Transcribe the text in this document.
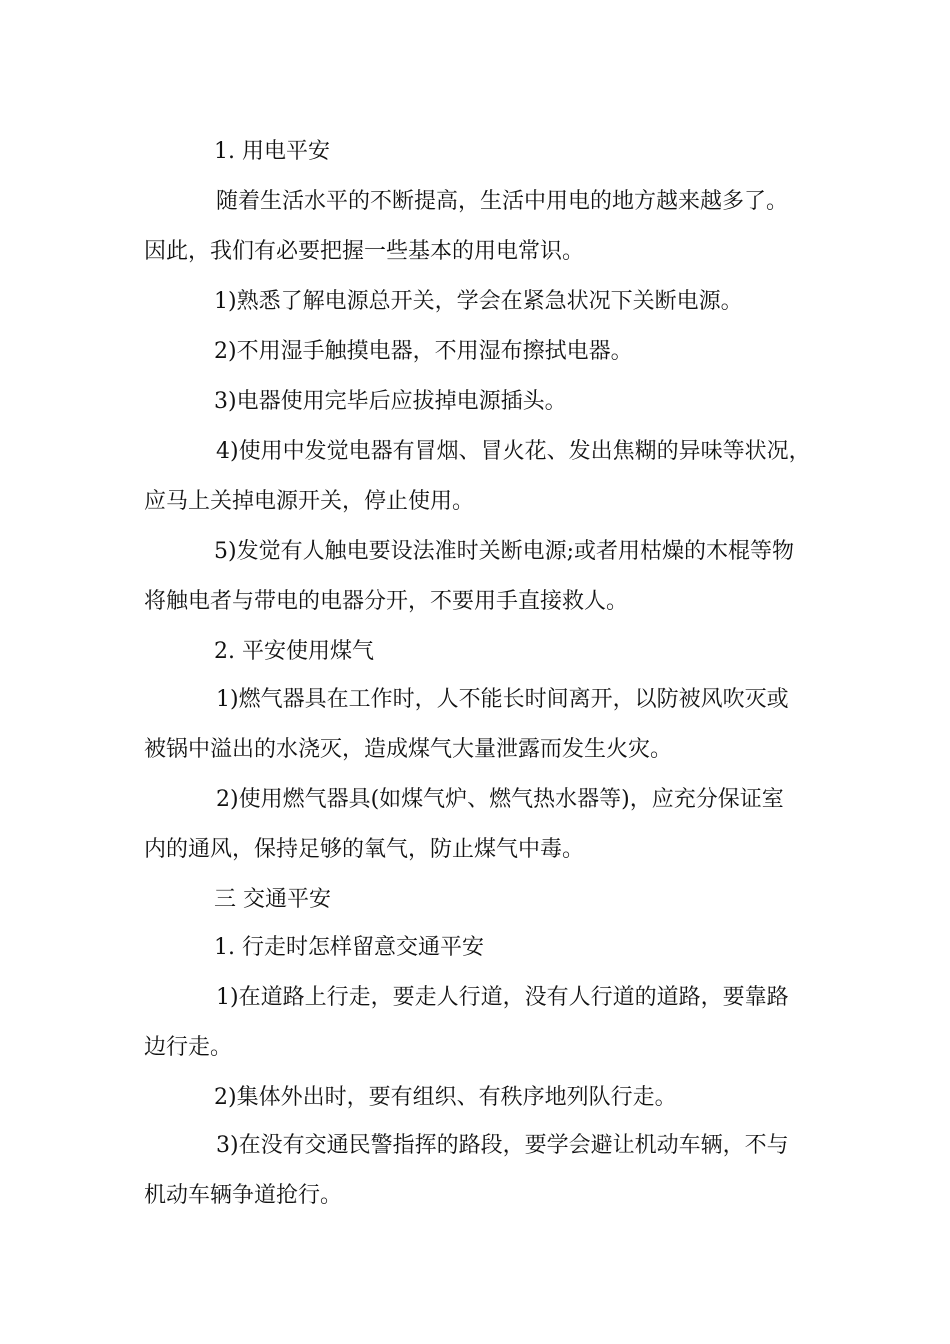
1. 用电平安
随着生活水平的不断提高，生活中用电的地方越来越多了。
因此，我们有必要把握一些基本的用电常识。
1)熟悉了解电源总开关，学会在紧急状况下关断电源。
2)不用湿手触摸电器，不用湿布擦拭电器。
3)电器使用完毕后应拔掉电源插头。
4)使用中发觉电器有冒烟、冒火花、发出焦糊的异味等状况，
应马上关掉电源开关，停止使用。
5)发觉有人触电要设法准时关断电源;或者用枯燥的木棍等物
将触电者与带电的电器分开，不要用手直接救人。
2. 平安使用煤气
1)燃气器具在工作时，人不能长时间离开，以防被风吹灭或
被锅中溢出的水浇灭，造成煤气大量泄露而发生火灾。
2)使用燃气器具(如煤气炉、燃气热水器等)，应充分保证室
内的通风，保持足够的氧气，防止煤气中毒。
三 交通平安
1. 行走时怎样留意交通平安
1)在道路上行走，要走人行道，没有人行道的道路，要靠路
边行走。
2)集体外出时，要有组织、有秩序地列队行走。
3)在没有交通民警指挥的路段，要学会避让机动车辆，不与
机动车辆争道抢行。
